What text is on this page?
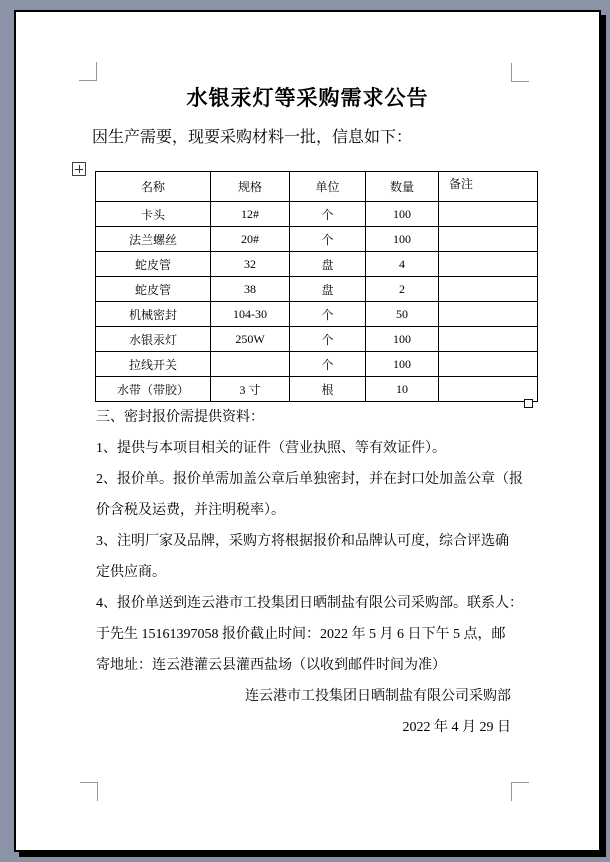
水银汞灯等采购需求公告
因生产需要，现要采购材料一批，信息如下：
名称	规格	单位	数量	备注
卡头	12#	个	100	
法兰螺丝	20#	个	100	
蛇皮管	32	盘	4	
蛇皮管	38	盘	2	
机械密封	104-30	个	50	
水银汞灯	250W	个	100	
拉线开关		个	100	
水带（带胶）	3 寸	根	10	
三、密封报价需提供资料：
1、提供与本项目相关的证件（营业执照、等有效证件）。
2、报价单。报价单需加盖公章后单独密封，并在封口处加盖公章（报
价含税及运费，并注明税率）。
3、注明厂家及品牌，采购方将根据报价和品牌认可度，综合评选确
定供应商。
4、报价单送到连云港市工投集团日晒制盐有限公司采购部。联系人：
于先生 15161397058 报价截止时间：2022 年 5 月 6 日下午 5 点，邮
寄地址：连云港灌云县灌西盐场（以收到邮件时间为准）
连云港市工投集团日晒制盐有限公司采购部
2022 年 4 月 29 日
